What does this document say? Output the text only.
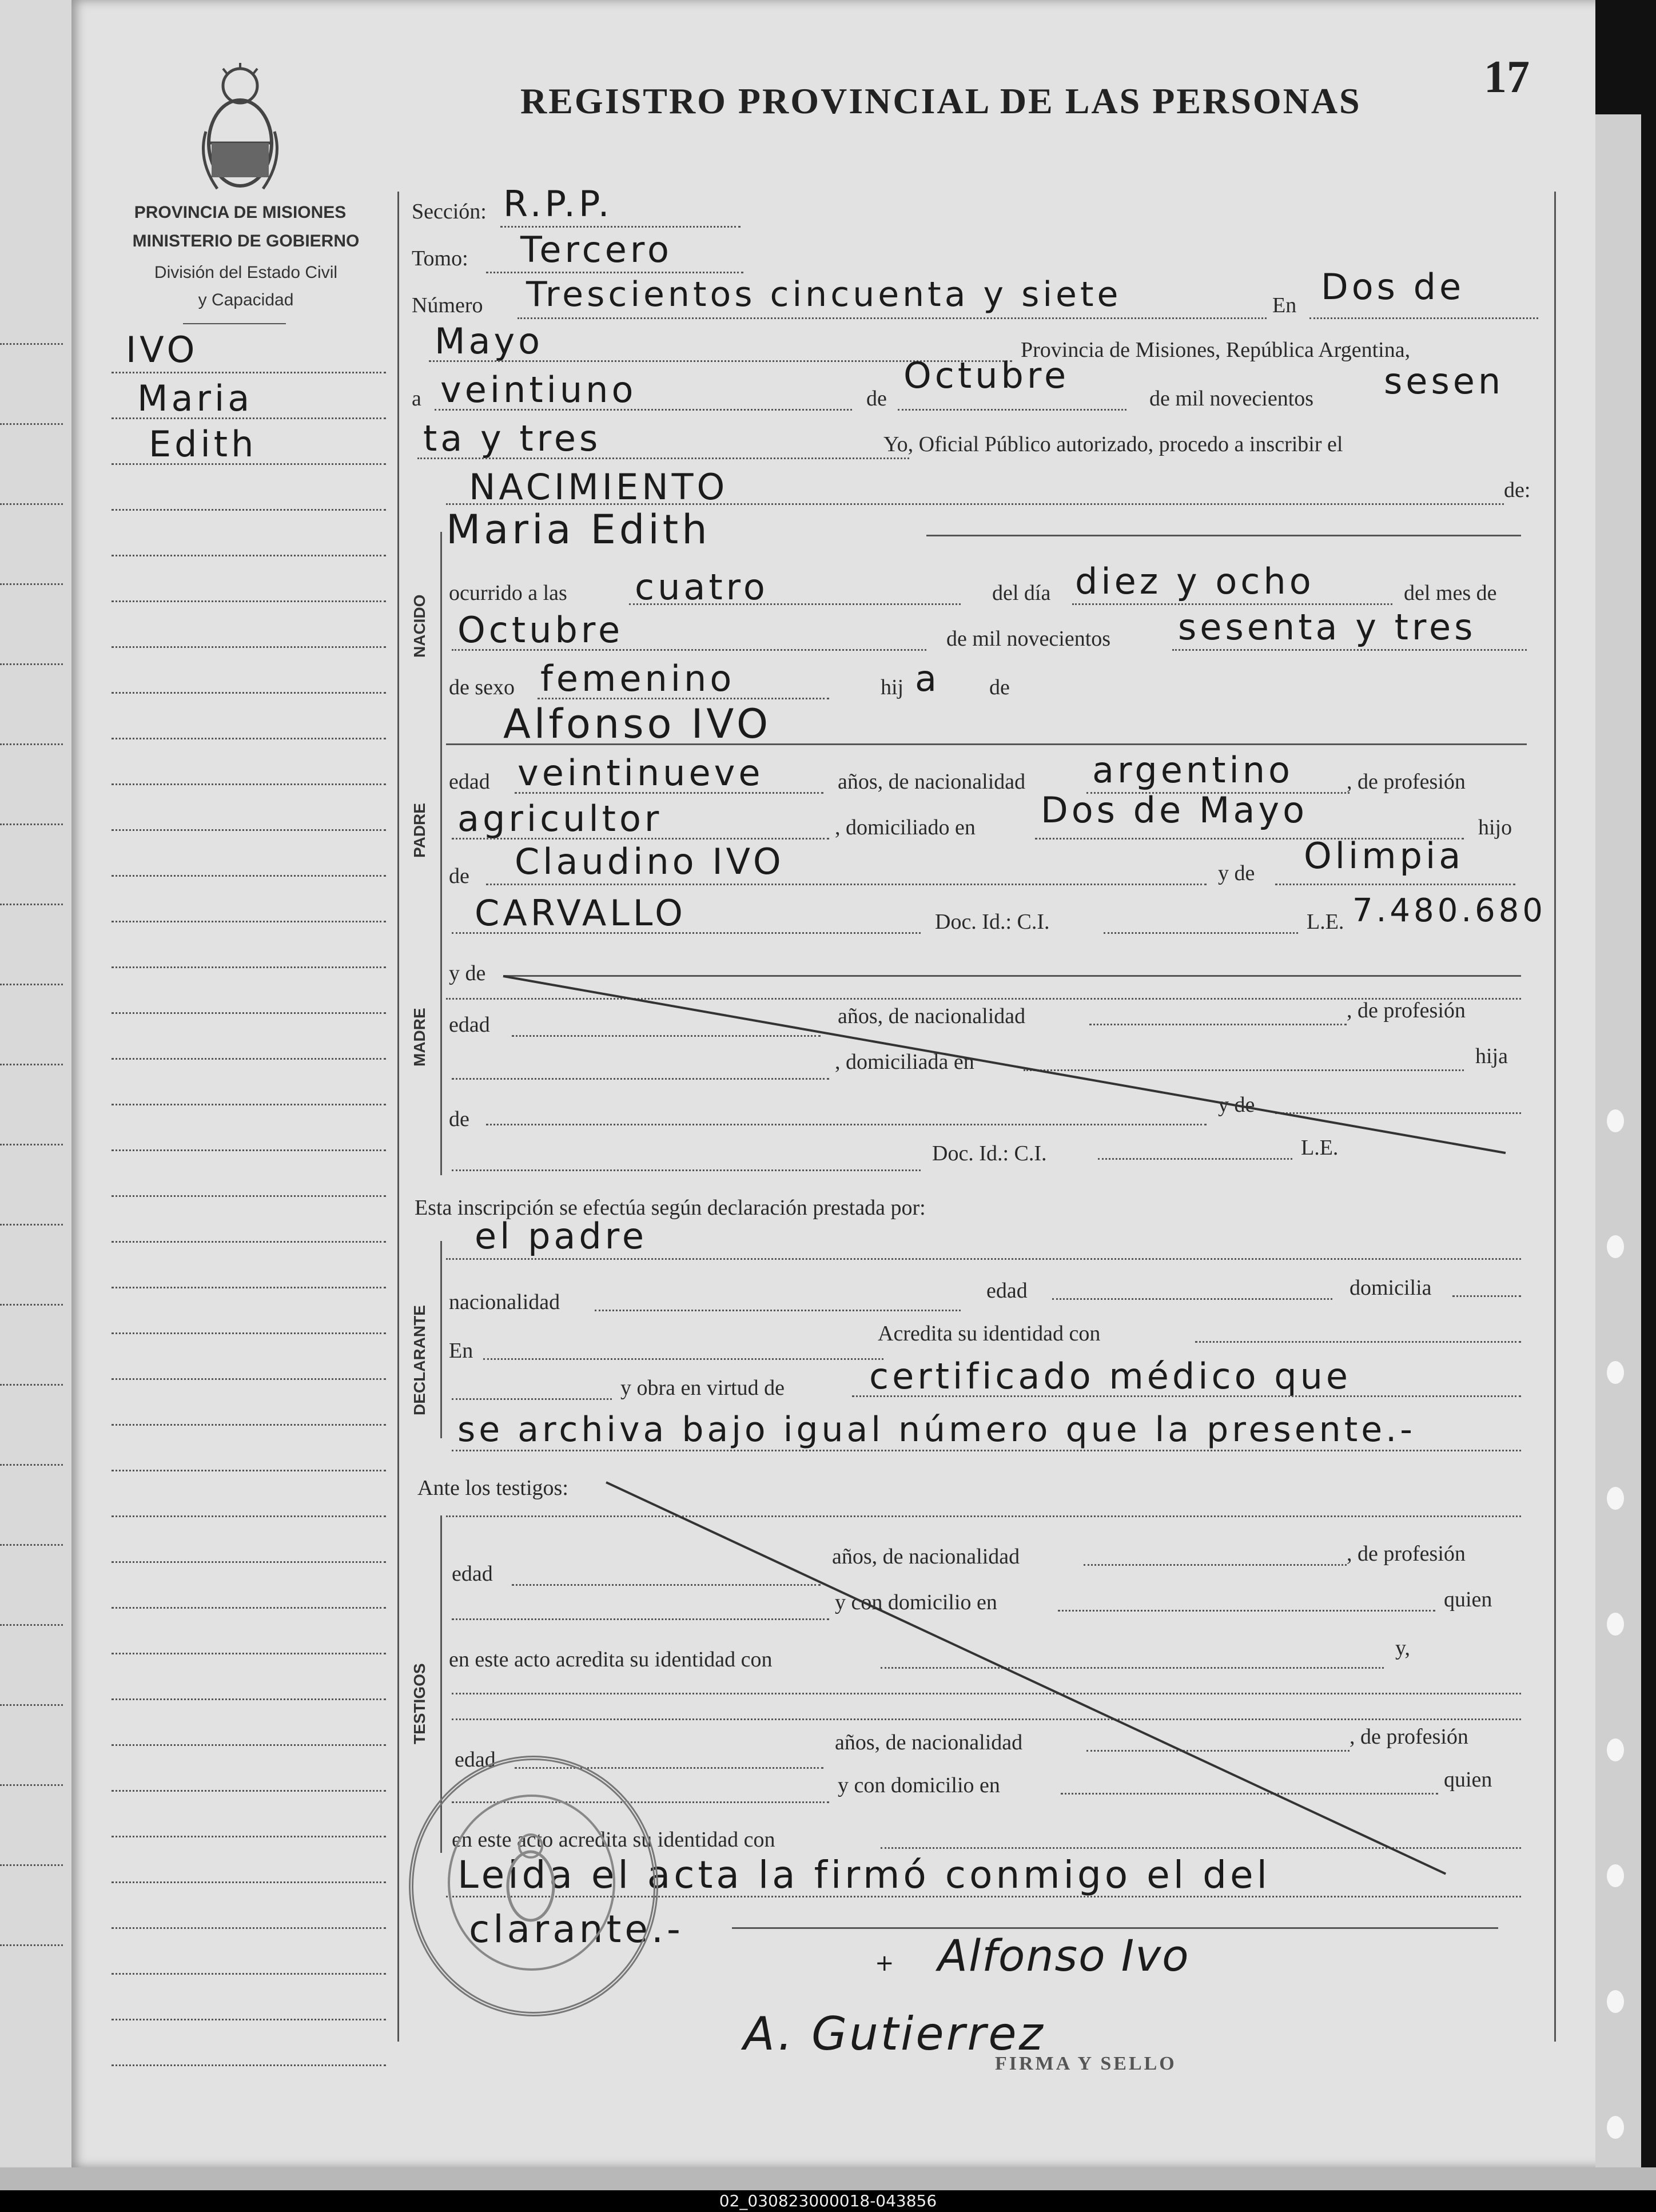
02_030823000018-043856
REGISTRO PROVINCIAL DE LAS PERSONAS	17
PROVINCIA DE MISIONES
MINISTERIO DE GOBIERNO
División del Estado Civil
y Capacidad
IVO
Maria
Edith
NACIDO
PADRE
MADRE
DECLARANTE
TESTIGOS
Sección: R.P.P.
Tomo: Tercero
Número Trescientos cincuenta y siete	En Dos de
Mayo	Provincia de Misiones, República Argentina,
a veintiuno	de
Octubre
de mil novecientos sesen
ta y tres	Yo, Oficial Público autorizado, procedo a inscribir el
NACIMIENTO	de:
Maria Edith
ocurrido a las cuatro	del día diez y ocho	del mes de
Octubre	de mil novecientos sesenta y tres
de sexo femenino	hij a de
Alfonso IVO
edad veintinueve	años, de nacionalidad argentino , de profesión
agricultor	, domiciliado en Dos de Mayo	hijo
de Claudino IVO	y de Olimpia
CARVALLO	Doc. Id.: C.I.	L.E. 7.480.680
y de
edad	años, de nacionalidad	, de profesión
, domiciliada en	hija
de
y de
Doc. Id.: C.I.	L.E.
Esta inscripción se efectúa según declaración prestada por:
el padre
nacionalidad	edad	domicilia
En
Acredita su identidad con
y obra en virtud de certificado médico que
se archiva bajo igual número que la presente.-
Ante los testigos:
edad
años, de nacionalidad	, de profesión
y con domicilio en	quien
en este acto acredita su identidad con	y,
edad
años, de nacionalidad	, de profesión
y con domicilio en	quien
en este acto acredita su identidad con
Leida el acta la firmó conmigo el del
clarante.-
+ Alfonso Ivo
A. Gutierrez
FIRMA Y SELLO
